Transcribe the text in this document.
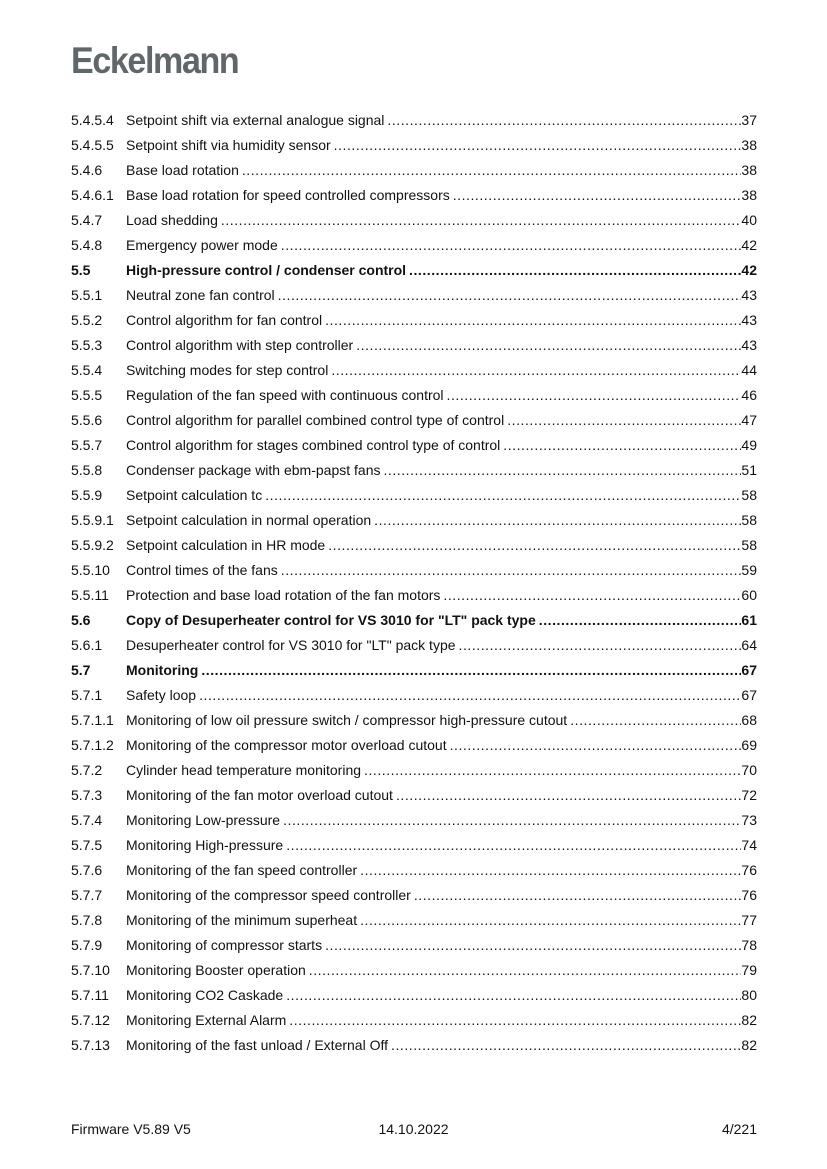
Eckelmann
5.4.5.4 Setpoint shift via external analogue signal .....	37
5.4.5.5 Setpoint shift via humidity sensor .....	38
5.4.6	Base load rotation .....	38
5.4.6.1 Base load rotation for speed controlled compressors .....	38
5.4.7	Load shedding .....	40
5.4.8	Emergency power mode .....	42
5.5	High-pressure control / condenser control .....	42
5.5.1	Neutral zone fan control .....	43
5.5.2	Control algorithm for fan control .....	43
5.5.3	Control algorithm with step controller .....	43
5.5.4	Switching modes for step control .....	44
5.5.5	Regulation of the fan speed with continuous control .....	46
5.5.6	Control algorithm for parallel combined control type of control .....	47
5.5.7	Control algorithm for stages combined control type of control .....	49
5.5.8	Condenser package with ebm-papst fans .....	51
5.5.9	Setpoint calculation tc .....	58
5.5.9.1 Setpoint calculation in normal operation .....	58
5.5.9.2 Setpoint calculation in HR mode .....	58
5.5.10	Control times of the fans .....	59
5.5.11	Protection and base load rotation of the fan motors .....	60
5.6	Copy of Desuperheater control for VS 3010 for "LT" pack type .....	61
5.6.1	Desuperheater control for VS 3010 for "LT" pack type .....	64
5.7	Monitoring .....	67
5.7.1	Safety loop .....	67
5.7.1.1 Monitoring of low oil pressure switch / compressor high-pressure cutout .....	68
5.7.1.2 Monitoring of the compressor motor overload cutout .....	69
5.7.2	Cylinder head temperature monitoring .....	70
5.7.3	Monitoring of the fan motor overload cutout .....	72
5.7.4	Monitoring Low-pressure .....	73
5.7.5	Monitoring High-pressure .....	74
5.7.6	Monitoring of the fan speed controller .....	76
5.7.7	Monitoring of the compressor speed controller .....	76
5.7.8	Monitoring of the minimum superheat .....	77
5.7.9	Monitoring of compressor starts .....	78
5.7.10	Monitoring Booster operation .....	79
5.7.11	Monitoring CO2 Caskade .....	80
5.7.12	Monitoring External Alarm .....	82
5.7.13	Monitoring of the fast unload / External Off .....	82
Firmware V5.89 V5	14.10.2022	4/221
